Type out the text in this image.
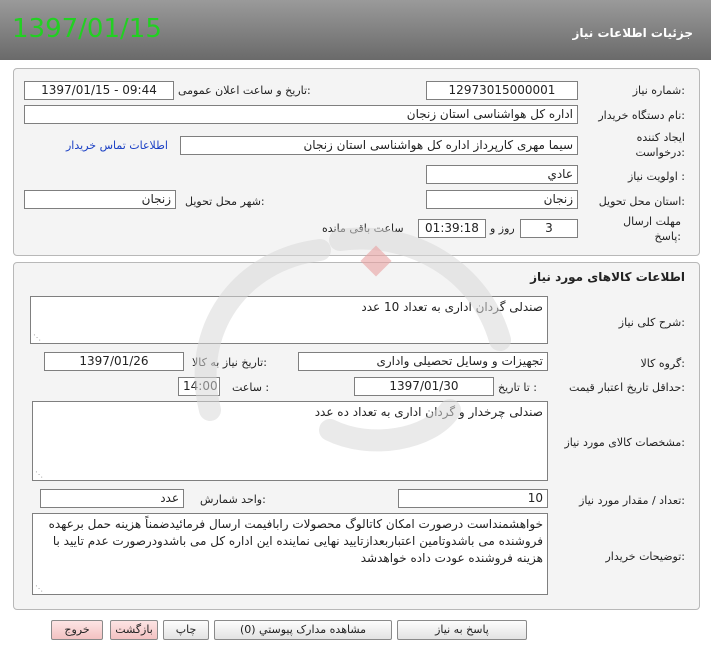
1397/01/15	جزئیات اطلاعات نیاز
شماره نیاز:
12973015000001
تاریخ و ساعت اعلان عمومی:
1397/01/15 - 09:44
نام دستگاه خریدار:
اداره کل هواشناسی استان زنجان
ایجاد کننده
درخواست:
سیما مهری کارپرداز اداره کل هواشناسی استان زنجان
اطلاعات تماس خریدار
اولویت نیاز :
عادي
استان محل تحویل:
زنجان
شهر محل تحویل:
زنجان
مهلت ارسال
پاسخ:
3
روز و
01:39:18
ساعت باقی مانده
اطلاعات کالاهای مورد نیاز
شرح کلی نیاز:
صندلی گردان اداری به تعداد 10 عدد
⋰
گروه کالا:
تجهیزات و وسایل تحصیلی واداری
تاریخ نیاز به کالا:
1397/01/26
حداقل تاریخ اعتبار قیمت:
تا تاریخ :
1397/01/30
ساعت :
14:00
مشخصات کالای مورد نیاز:
صندلی چرخدار و گردان اداری به تعداد ده عدد
⋰
تعداد / مقدار مورد نیاز:
10
واحد شمارش:
عدد
توضیحات خریدار:
خواهشمنداست درصورت امکان کاتالوگ محصولات رابافیمت ارسال فرمائیدضمناً هزینه حمل برعهده فروشنده می باشدوتامین اعتباربعدازتایید نهایی نماینده این اداره کل می باشدودرصورت عدم تایید با هزینه فروشنده عودت داده خواهدشد
⋰
پاسخ به نیاز
مشاهده مدارک پیوستي (0)
چاپ
بازگشت
خروج
